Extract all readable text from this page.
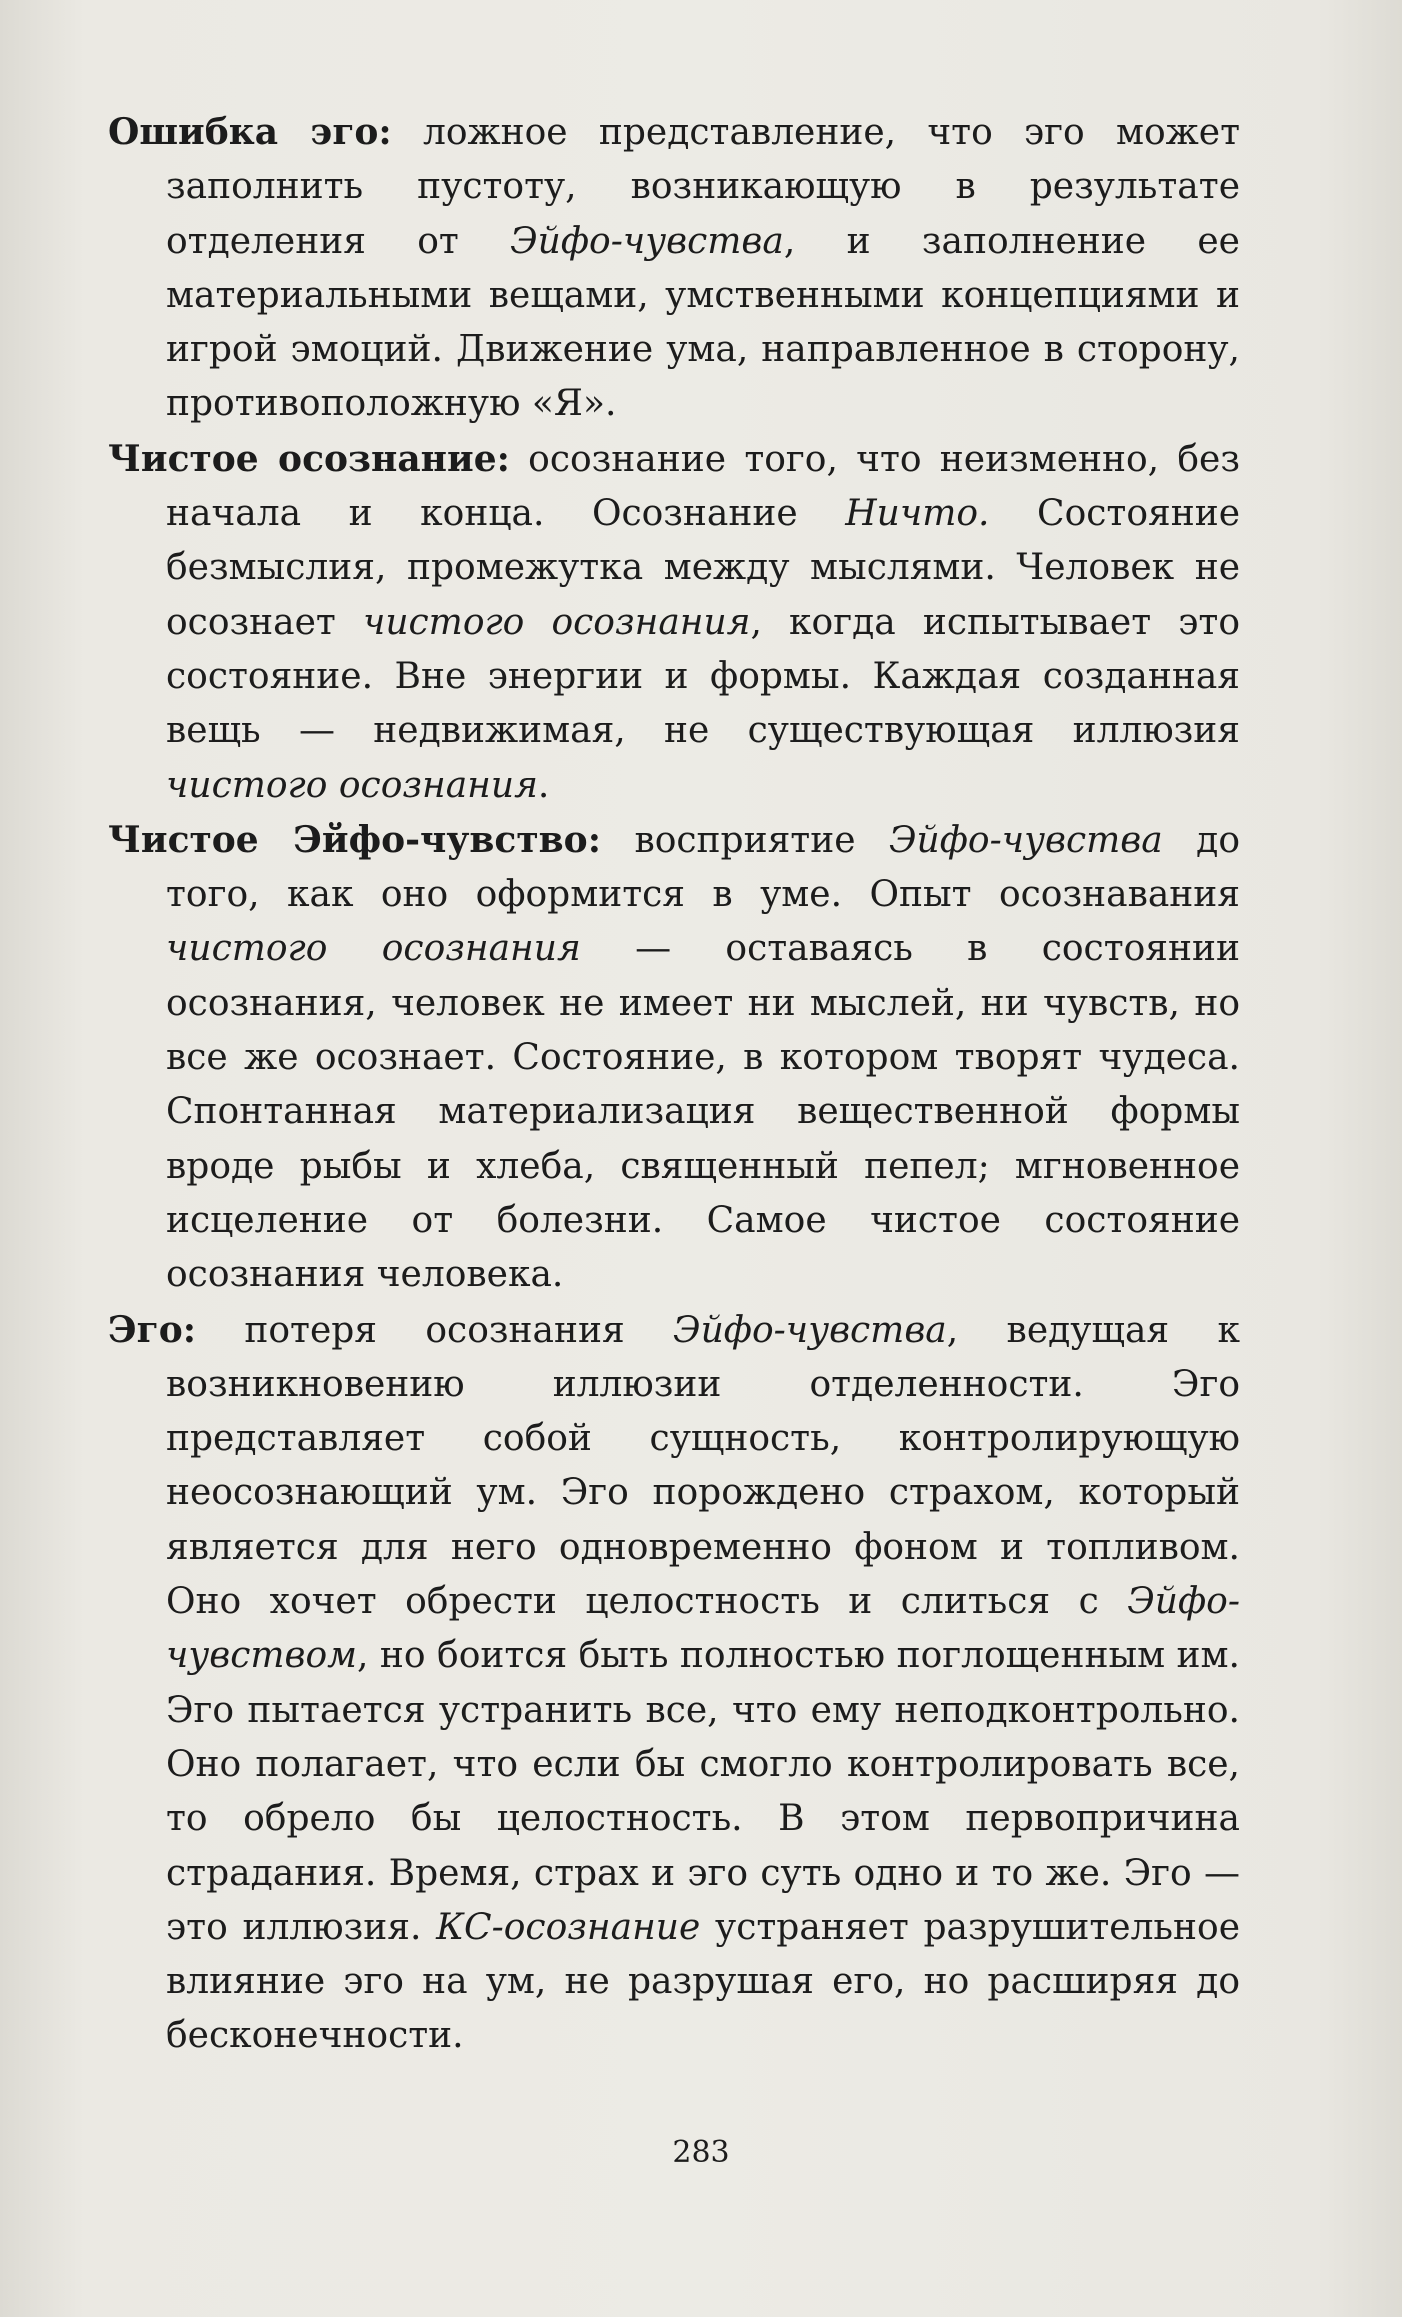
Ошибка эго: ложное представление, что эго может заполнить пустоту, возникающую в результате отделения от Эйфо-чувства, и заполнение ее материальными вещами, умственными концепциями и игрой эмоций. Движение ума, направленное в сторону, противоположную «Я».

Чистое осознание: осознание того, что неизменно, без начала и конца. Осознание Ничто. Состояние безмыслия, промежутка между мыслями. Человек не осознает чистого осознания, когда испытывает это состояние. Вне энергии и формы. Каждая созданная вещь — недвижимая, не существующая иллюзия чистого осознания.

Чистое Эйфо-чувство: восприятие Эйфо-чувства до того, как оно оформится в уме. Опыт осознавания чистого осознания — оставаясь в состоянии осознания, человек не имеет ни мыслей, ни чувств, но все же осознает. Состояние, в котором творят чудеса. Спонтанная материализация вещественной формы вроде рыбы и хлеба, священный пепел; мгновенное исцеление от болезни. Самое чистое состояние осознания человека.

Эго: потеря осознания Эйфо-чувства, ведущая к возникновению иллюзии отделенности. Эго представляет собой сущность, контролирующую неосознающий ум. Эго порождено страхом, который является для него одновременно фоном и топливом. Оно хочет обрести целостность и слиться с Эйфо-чувством, но боится быть полностью поглощенным им. Эго пытается устранить все, что ему неподконтрольно. Оно полагает, что если бы смогло контролировать все, то обрело бы целостность. В этом первопричина страдания. Время, страх и эго суть одно и то же. Эго — это иллюзия. КС-осознание устраняет разрушительное влияние эго на ум, не разрушая его, но расширяя до бесконечности.

283
